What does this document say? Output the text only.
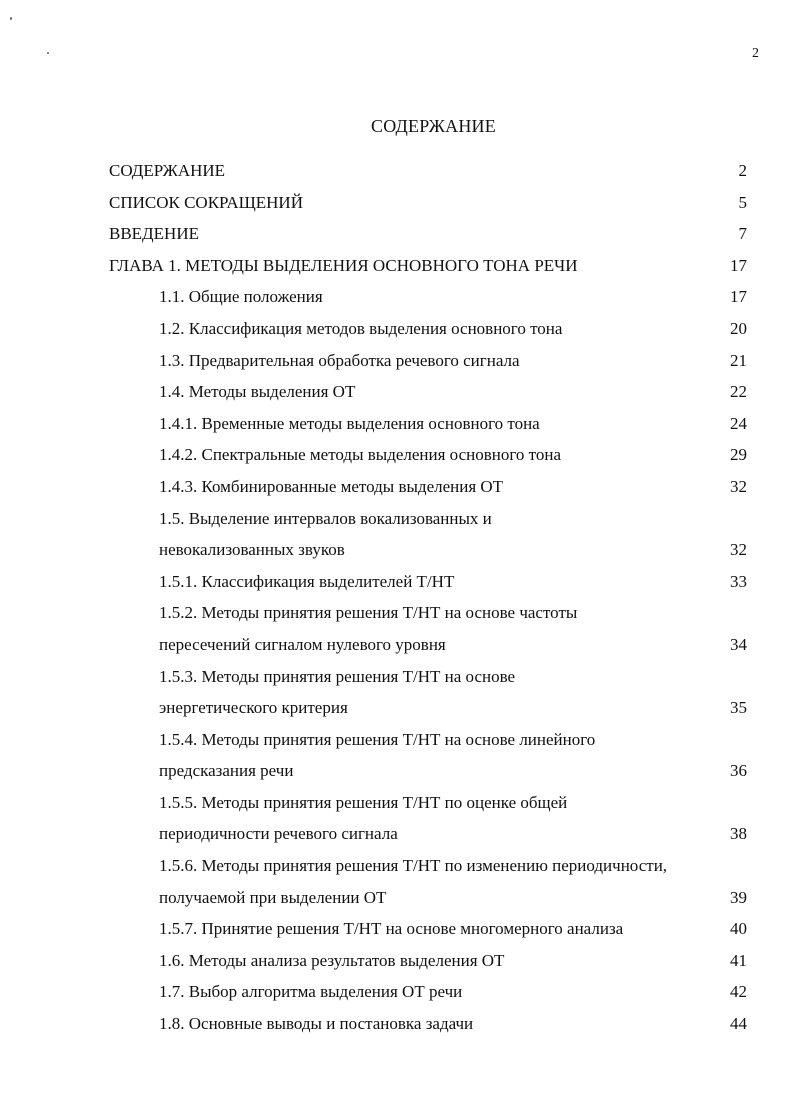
2
СОДЕРЖАНИЕ
СОДЕРЖАНИЕ	2
СПИСОК СОКРАЩЕНИЙ	5
ВВЕДЕНИЕ	7
ГЛАВА 1. МЕТОДЫ ВЫДЕЛЕНИЯ ОСНОВНОГО ТОНА РЕЧИ	17
1.1. Общие положения	17
1.2. Классификация методов выделения основного тона	20
1.3. Предварительная обработка речевого сигнала	21
1.4. Методы выделения ОТ	22
1.4.1. Временные методы выделения основного тона	24
1.4.2. Спектральные методы выделения основного тона	29
1.4.3. Комбинированные методы выделения ОТ	32
1.5. Выделение интервалов вокализованных и
невокализованных звуков	32
1.5.1. Классификация выделителей Т/НТ	33
1.5.2. Методы принятия решения Т/НТ на основе частоты
пересечений сигналом нулевого уровня	34
1.5.3. Методы принятия решения Т/НТ на основе
энергетического критерия	35
1.5.4. Методы принятия решения Т/НТ на основе линейного
предсказания речи	36
1.5.5. Методы принятия решения Т/НТ по оценке общей
периодичности речевого сигнала	38
1.5.6. Методы принятия решения Т/НТ по изменению периодичности,
получаемой при выделении ОТ	39
1.5.7. Принятие решения Т/НТ на основе многомерного анализа	40
1.6. Методы анализа результатов выделения ОТ	41
1.7. Выбор алгоритма выделения ОТ речи	42
1.8. Основные выводы и постановка задачи	44
